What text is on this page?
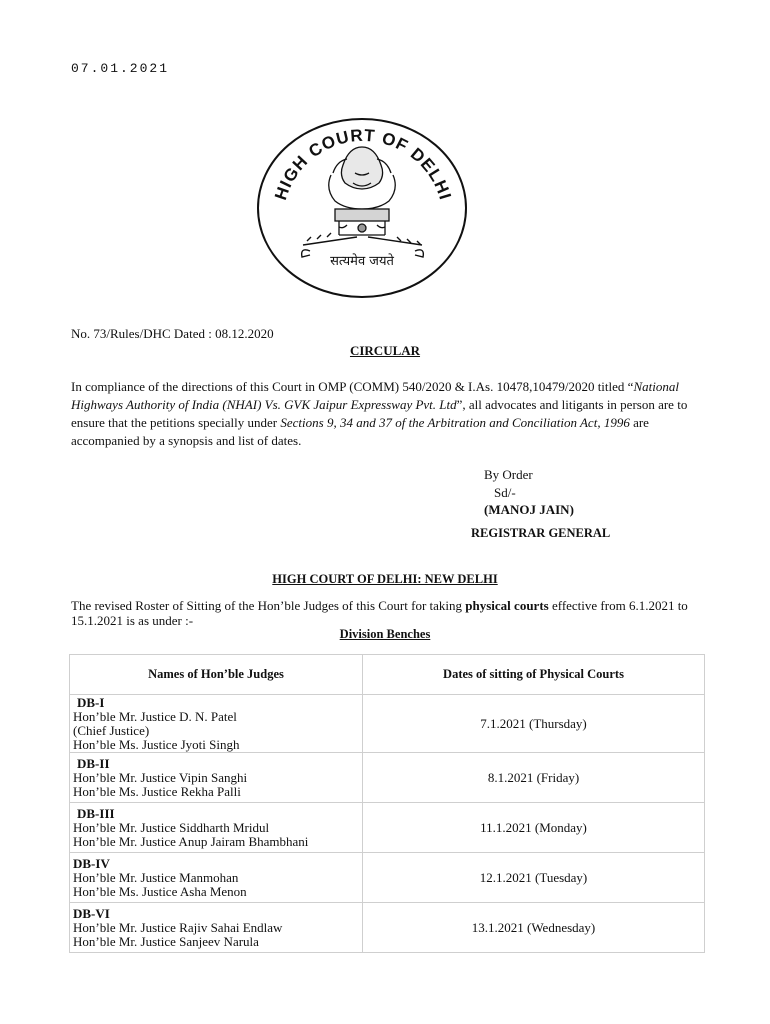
07.01.2021
HIGH COURT OF DELHI
सत्यमेव जयते
No. 73/Rules/DHC Dated : 08.12.2020
CIRCULAR

In compliance of the directions of this Court in OMP (COMM) 540/2020 & I.As. 10478,10479/2020 titled “National Highways Authority of India (NHAI) Vs. GVK Jaipur Expressway Pvt. Ltd”, all advocates and litigants in person are to ensure that the petitions specially under Sections 9, 34 and 37 of the Arbitration and Conciliation Act, 1996 are accompanied by a synopsis and list of dates.

By Order
Sd/-
(MANOJ JAIN)
REGISTRAR GENERAL
HIGH COURT OF DELHI: NEW DELHI
The revised Roster of Sitting of the Hon’ble Judges of this Court for taking physical courts effective from 6.1.2021 to 15.1.2021 is as under :-
Division Benches
Names of Hon’ble Judges	Dates of sitting of Physical Courts

DB-I
Hon’ble Mr. Justice D. N. Patel
(Chief Justice)
Hon’ble Ms. Justice Jyoti Singh	7.1.2021 (Thursday)

DB-II
Hon’ble Mr. Justice Vipin Sanghi
Hon’ble Ms. Justice Rekha Palli	8.1.2021 (Friday)

DB-III
Hon’ble Mr. Justice Siddharth Mridul
Hon’ble Mr. Justice Anup Jairam Bhambhani	11.1.2021 (Monday)

DB-IV
Hon’ble Mr. Justice Manmohan
Hon’ble Ms. Justice Asha Menon	12.1.2021 (Tuesday)

DB-VI
Hon’ble Mr. Justice Rajiv Sahai Endlaw
Hon’ble Mr. Justice Sanjeev Narula	13.1.2021 (Wednesday)
